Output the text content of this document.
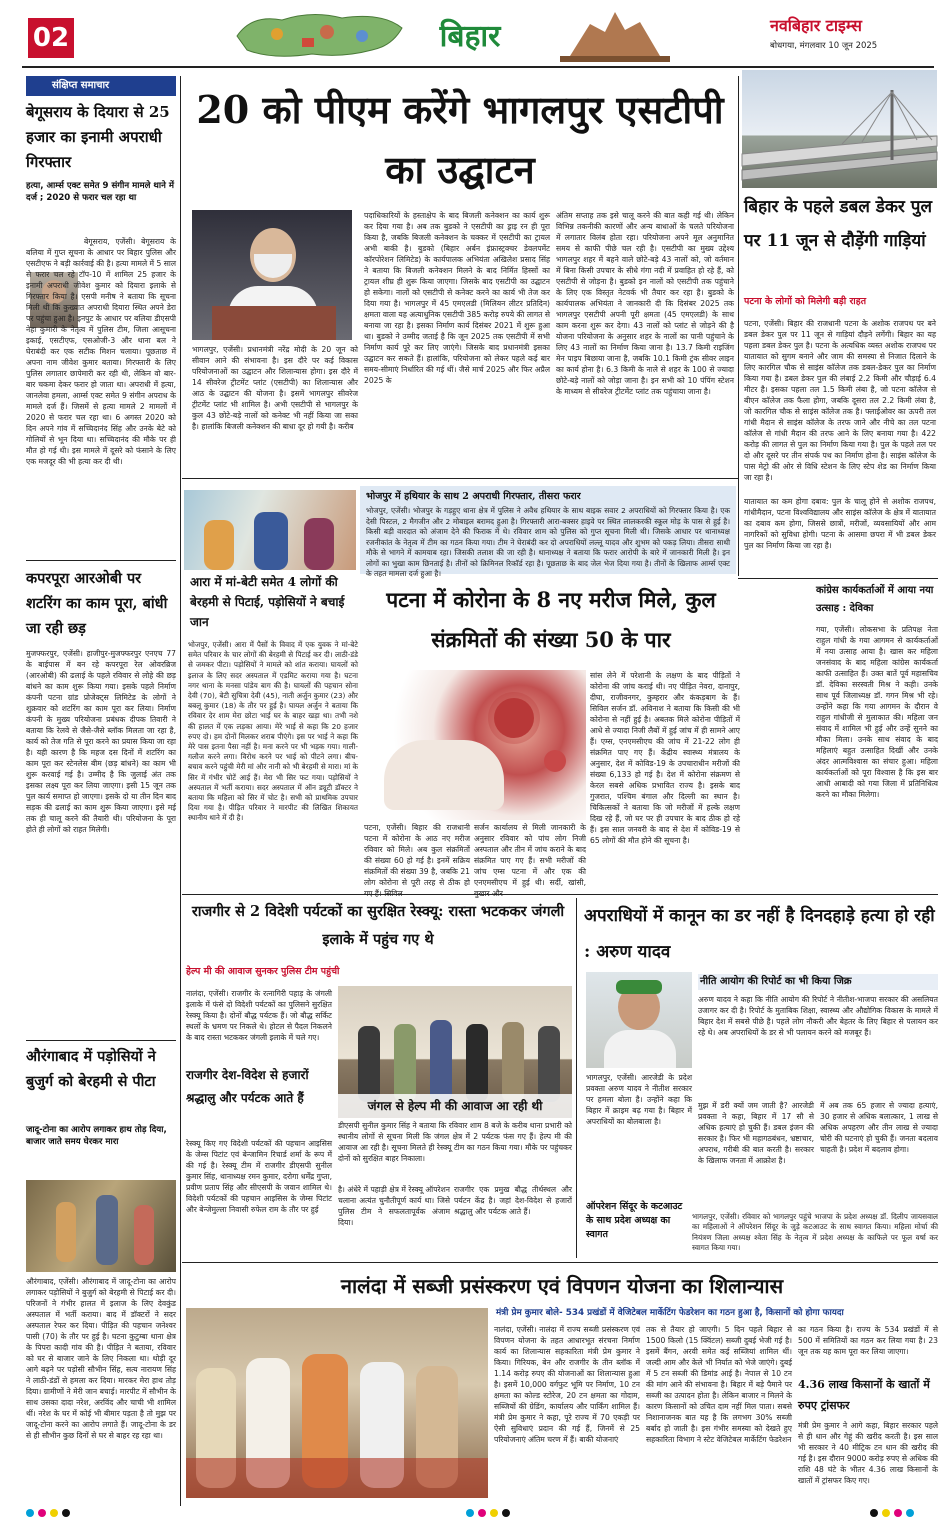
02	बिहार	नवबिहार टाइम्स
बोधगया, मंगलवार 10 जून 2025
संक्षिप्त समाचार
बेगूसराय के दियारा से 25 हजार का इनामी अपराधी गिरफ्तार
हत्या, आर्म्स एक्ट समेत 9 संगीन मामले थाने में दर्ज ; 2020 से फरार चल रहा था
बेगूसराय, एजेंसी। बेगूसराय के बलिया में गुप्त सूचना के आधार पर बिहार पुलिस और एसटीएफ ने बड़ी कार्रवाई की है। हत्या मामले में 5 साल से फरार चल रहे टॉप-10 में शामिल 25 हजार के इनामी अपराधी जीवेश कुमार को दियारा इलाके से गिरफ्तार किया है। एसपी मनीष ने बताया कि सूचना मिली थी कि कुख्यात अपराधी दियारा स्थित अपने डेरा पर पहुंचा हुआ है। इनपुट के आधार पर बलिया डीएसपी नेहा कुमारी के नेतृत्व में पुलिस टीम, जिला आसूचना इकाई, एसटीएफ, एसओजी-3 और थाना बल ने घेराबंदी कर एक सटीक मिशन चलाया। पूछताछ में अपना नाम जीवेश कुमार बताया। गिरफ्तारी के लिए पुलिस लगातार छापेमारी कर रही थी, लेकिन वो बार-बार चकमा देकर फरार हो जाता था। अपराधी में हत्या, जानलेवा हमला, आर्म्स एक्ट समेत 9 संगीन अपराध के मामले दर्ज हैं। जिसमें से हत्या मामले 2 मामलों में 2020 से फरार चल रहा था। 6 अगस्त 2020 को दिन अपने गांव में सच्चिदानंद सिंह और उनके बेटे को गोलियों से भून दिया था। सच्चिदानंद की मौके पर ही मौत हो गई थी। इस मामले में दूसरे को फंसाने के लिए एक मजदूर की भी हत्या कर दी थी।
कपरपूरा आरओबी पर शटरिंग का काम पूरा, बांधी जा रही छड़
मुजफ्फरपुर, एजेंसी। हाजीपुर-मुजफ्फरपुर एनएच 77 के बाईपास में बन रहे कपरपूरा रेल ओवरब्रिज (आरओबी) की ढलाई के पहले रविवार से लोहे की छड़ बांधने का काम शुरू किया गया। इसके पहले निर्माण कंपनी पटना ग्रांड प्रोजेक्ट्स लिमिटेड के लोगों ने शुक्रवार को शटरिंग का काम पूरा कर लिया। निर्माण कंपनी के मुख्य परियोजना प्रबंधक दीपक तिवारी ने बताया कि रेलवे से जैसे-जैसे ब्लॉक मिलता जा रहा है, कार्य को तेज गति से पूरा करने का प्रयास किया जा रहा है। यही कारण है कि महज दस दिनों में शटरिंग का काम पूरा कर स्टेनलेस बीम (छड़ बांधने) का काम भी शुरू करवाई गई है। उम्मीद है कि जुलाई अंत तक इसका लक्ष्य पूरा कर लिया जाएगा। इसी 15 जून तक पुल कार्य समाप्त हो जाएगा। इसके दो या तीन दिन बाद सड़क की ढलाई का काम शुरू किया जाएगा। इसे मई तक ही चालू करने की तैयारी थी। परियोजना के पूरा होते ही लोगों को राहत मिलेगी।
औरंगाबाद में पड़ोसियों ने बुजुर्ग को बेरहमी से पीटा
जादू-टोना का आरोप लगाकर हाथ तोड़ दिया, बाजार जाते समय घेरकर मारा
औरंगाबाद, एजेंसी। औरंगाबाद में जादू-टोना का आरोप लगाकर पड़ोसियों ने बुजुर्ग को बेरहमी से पिटाई कर दी। परिजनों ने गंभीर हालत में इलाज के लिए देवकुंड अस्पताल में भर्ती कराया। बाद में डॉक्टरों ने सदर अस्पताल रेफर कर दिया। पीड़ित की पहचान जनेश्वर पासी (70) के तौर पर हुई है। घटना कुटुम्बा थाना क्षेत्र के पिपरा कादी गांव की है। पीड़ित ने बताया, रविवार को घर से बाजार जाने के लिए निकला था। थोड़ी दूर आगे बढ़ने पर पड़ोसी सौभीन सिंह, सत्य नारायण सिंह ने लाठी-डंडों से हमला कर दिया। मारकर मेरा हाथ तोड़ दिया। ग्रामीणों ने मेरी जान बचाई। मारपीट में सौभीन के साथ उसका दादा नरेश, अरविंद और चाची भी शामिल थीं। नरेश के घर में कोई भी बीमार पड़ता है तो मुझ पर जादू-टोना करने का आरोप लगाते हैं। जादू-टोना के डर से ही सौभीन कुछ दिनों से घर से बाहर रह रहा था।
20 को पीएम करेंगे भागलपुर एसटीपी का उद्घाटन
भागलपुर, एजेंसी। प्रधानमंत्री नरेंद्र मोदी के 20 जून को सीवान आने की संभावना है। इस दौरे पर कई विकास परियोजनाओं का उद्घाटन और शिलान्यास होगा। इस दौरे में 14 सीवरेज ट्रीटमेंट प्लांट (एसटीपी) का शिलान्यास और आठ के उद्घाटन की योजना है। इसमें भागलपुर सीवरेज ट्रीटमेंट प्लांट भी शामिल है। अभी एसटीपी से भागलपुर के कुल 43 छोटे-बड़े नालों को कनेक्ट भी नहीं किया जा सका है। हालांकि बिजली कनेक्शन की बाधा दूर हो गयी है। करीब
पदाधिकारियों के हस्ताक्षेप के बाद बिजली कनेक्शन का कार्य शुरू कर दिया गया है। अब तक बुडको ने एसटीपी का ड्राइ रन ही पूरा किया है, जबकि बिजली कनेक्शन के चक्कर में एसटीपी का ट्रायल अभी बाकी है। बुडको (बिहार अर्बन इंफ्रास्ट्रक्चर डेवलपमेंट कॉरपोरेशन लिमिटेड) के कार्यपालक अभियंता अखिलेश प्रसाद सिंह ने बताया कि बिजली कनेक्शन मिलने के बाद निर्मित हिस्सों का ट्रायल शीघ्र ही शुरू किया जाएगा। जिसके बाद एसटीपी का उद्घाटन हो सकेगा। नालों को एसटीपी से कनेक्ट करने का कार्य भी तेज कर दिया गया है। भागलपुर में 45 एमएलडी (मिलियन लीटर प्रतिदिन) क्षमता वाला यह अत्याधुनिक एसटीपी 385 करोड़ रुपये की लागत से बनाया जा रहा है। इसका निर्माण कार्य दिसंबर 2021 में शुरू हुआ था। बुडको ने उम्मीद जताई है कि जून 2025 तक एसटीपी में सभी निर्माण कार्य पूरे कर लिए जाएंगे। जिसके बाद प्रधानमंत्री इसका उद्घाटन कर सकते हैं। हालांकि, परियोजना को लेकर पहले कई बार समय-सीमाएं निर्धारित की गई थीं। जैसे मार्च 2025 और फिर अप्रैल 2025 के
अंतिम सप्ताह तक इसे चालू करने की बात कही गई थी। लेकिन विभिन्न तकनीकी कारणों और अन्य बाधाओं के चलते परियोजना में लगातार विलंब होता रहा। परियोजना अपने मूल अनुमानित समय से काफी पीछे चल रही है। एसटीपी का मुख्य उद्देश्य भागलपुर शहर में बहने वाले छोटे-बड़े 43 नालों को, जो वर्तमान में बिना किसी उपचार के सीधे गंगा नदी में प्रवाहित हो रहे हैं, को एसटीपी से जोड़ना है। बुडको इन नालों को एसटीपी तक पहुंचाने के लिए एक विस्तृत नेटवर्क भी तैयार कर रहा है। बुडको के कार्यपालक अभियंता ने जानकारी दी कि दिसंबर 2025 तक भागलपुर एसटीपी अपनी पूरी क्षमता (45 एमएलडी) के साथ काम करना शुरू कर देगा। 43 नालों को प्लांट से जोड़ने की है योजना परियोजना के अनुसार शहर के नालों का पानी पहुंचाने के लिए 43 नालों का निर्माण किया जाना है। 13.7 किमी राइजिंग मेन पाइप बिछाया जाना है, जबकि 10.1 किमी ट्रंक सीवर लाइन का कार्य होना है। 6.3 किमी के नाले से शहर के 100 से ज्यादा छोटे-बड़े नालों को जोड़ा जाना है। इन सभी को 10 पंपिंग स्टेशन के माध्यम से सीवरेज ट्रीटमेंट प्लांट तक पहुंचाया जाना है।
बिहार के पहले डबल डेकर पुल पर 11 जून से दौड़ेंगी गाड़ियां
पटना के लोगों को मिलेगी बड़ी राहत
पटना, एजेंसी। बिहार की राजधानी पटना के अशोक राजपथ पर बने डबल डेकर पुल पर 11 जून से गाड़ियां दौड़ने लगेंगी। बिहार का यह पहला डबल डेकर पुल है। पटना के अत्यधिक व्यस्त अशोक राजपथ पर यातायात को सुगम बनाने और जाम की समस्या से निजात दिलाने के लिए कारगिल चौक से साइंस कॉलेज तक डबल-डेकर पुल का निर्माण किया गया है। डबल डेकर पुल की लंबाई 2.2 किमी और चौड़ाई 6.4 मीटर है। इसका पहला तल 1.5 किमी लंबा है, जो पटना कॉलेज से बीएन कॉलेज तक फैला होगा, जबकि दूसरा तल 2.2 किमी लंबा है, जो कारगिल चौक से साइंस कॉलेज तक है। फ्लाईओवर का ऊपरी तल गांधी मैदान से साइंस कॉलेज के तरफ जाने और नीचे का तल पटना कॉलेज से गांधी मैदान की तरफ आने के लिए बनाया गया है। 422 करोड़ की लागत से पुल का निर्माण किया गया है। पुल के पहले तल पर दो और दूसरे पर तीन संपर्क पथ का निर्माण होना है। साइंस कॉलेज के पास मेट्रो की ओर से विधि स्टेशन के लिए स्टेप शेड का निर्माण किया जा रहा है।
यातायात का कम होगा दबाव: पुल के चालू होने से अशोक राजपथ, गांधीमैदान, पटना विश्वविद्यालय और साइंस कॉलेज के क्षेत्र में यातायात का दबाव कम होगा, जिससे छात्रों, मरीजों, व्यवसायियों और आम नागरिकों को सुविधा होगी। पटना के आसमा छपरा में भी डबल डेकर पुल का निर्माण किया जा रहा है।
भोजपुर में हथियार के साथ 2 अपराधी गिरफ्तार, तीसरा फरार
भोजपुर, एजेंसी। भोजपुर के गड़हुए थाना क्षेत्र में पुलिस ने अवैध हथियार के साथ बाइक सवार 2 अपराधियों को गिरफ्तार किया है। एक देसी पिस्टल, 2 मैगजीन और 2 मोबाइल बरामद हुआ है। गिरफ्तारी आरा-बक्सर हाइवे पर स्थित लालकरकी स्कूल मोड़ के पास से हुई है। किसी बड़ी वारदात को अंजाम देने की फिराक में थे। रविवार शाम को पुलिस को गुप्त सूचना मिली थी। जिसके आधार पर थानाध्यक्ष रजनीकांत के नेतृत्व में टीम का गठन किया गया। टीम ने घेराबंदी कर दो अपराधियों लल्लू यादव और शुभम को पकड़ लिया। तीसरा साथी मौके से भागने में कामयाब रहा। जिसकी तलाश की जा रही है। थानाध्यक्ष ने बताया कि फरार आरोपी के बारे में जानकारी मिली है। इन लोगों का भुखा काम छिनताई है। तीनों को क्रिमिनल रिकॉर्ड रहा है। पूछताछ के बाद जेल भेज दिया गया है। तीनों के खिलाफ आर्म्स एक्ट के तहत मामला दर्ज हुआ है।
आरा में मां-बेटी समेत 4 लोगों की बेरहमी से पिटाई, पड़ोसियों ने बचाई जान
भोजपुर, एजेंसी। आरा में पैसों के विवाद में एक युवक ने मां-बेटे समेत परिवार के चार लोगों की बेरहमी से पिटाई कर दी। लाठी-डंडे से जमकर पीटा। पड़ोसियों ने मामले को शांत कराया। घायलों को इलाज के लिए सदर अस्पताल में एडमिट कराया गया है। घटना नगर थाना के मनसा पांडेय बाग की है। घायलों की पहचान सोना देवी (70), बेटी सुचित्रा देवी (45), नाती अर्जुन कुमार (23) और बबलू कुमार (18) के तौर पर हुई है। घायल अर्जुन ने बताया कि रविवार देर शाम मेरा छोटा भाई घर के बाहर खड़ा था। तभी नशे की हालत में एक लड़का आया। मेरे भाई से कहा कि 20 हजार रुपए दो। हम दोनों मिलकर शराब पीएंगे। इस पर भाई ने कहा कि मेरे पास इतना पैसा नहीं है। मना करने पर भी भड़क गया। गाली-गलौज करने लगा। विरोध करने पर भाई को पीटने लगा। बीच-बचाव करने पहुंची मेरी मां और नानी को भी बेरहमी से मारा। मां के सिर में गंभीर चोटें आई हैं। मेरा भी सिर फट गया। पड़ोसियों ने अस्पताल में भर्ती कराया। सदर अस्पताल में ऑन ड्यूटी डॉक्टर ने बताया कि महिला को सिर में चोट है। सभी को प्राथमिक उपचार दिया गया है। पीड़ित परिवार ने मारपीट की लिखित शिकायत स्थानीय थाने में दी है।
पटना में कोरोना के 8 नए मरीज मिले, कुल संक्रमितों की संख्या 50 के पार
पटना, एजेंसी। बिहार की राजधानी पटना में कोरोना के आठ नए मरीज रविवार को मिले। अब कुल संक्रमितों की संख्या 60 हो गई है। इनमें सक्रिय संक्रमितों की संख्या 39 है, जबकि 21 लोग कोरोना से पूरी तरह से ठीक हो
सर्जन कार्यालय से मिली जानकारी के अनुसार रविवार को पांच लोग निजी अस्पताल और तीन में जांच कराने के बाद संक्रमित पाए गए हैं। सभी मरीजों की जांच एम्स पटना में और एक की एनएमसीएच में हुई थी। सर्दी, खांसी,
सांस लेने में परेशानी के लक्षण के बाद पीड़ितों ने कोरोना की जांच कराई थी। नए पीड़ित नेवरा, दानापुर, दीघा, राजीवनगर, कुम्हरार और कंकड़बाग के हैं। सिविल सर्जन डॉ. अविनाश ने बताया कि किसी की भी कोरोना से नहीं हुई है। अबतक मिले कोरोना पीड़ितों में आधे से ज्यादा निजी लैबों में हुई जांच में ही सामने आए हैं। एम्स, एनएमसीएच की जांच में 21-22 लोग ही संक्रमित पाए गए हैं। केंद्रीय स्वास्थ्य मंत्रालय के अनुसार, देश में कोविड-19 के उपचाराधीन मरीजों की संख्या 6,133 हो गई है। देश में कोरोना संक्रमण से केरल सबसे अधिक प्रभावित राज्य है। इसके बाद गुजरात, पश्चिम बंगाल और दिल्ली का स्थान है। चिकित्सकों ने बताया कि जो मरीजों में हल्के लक्षण दिख रहे हैं, जो घर पर ही उपचार के बाद ठीक हो रहे हैं। इस साल जनवरी के बाद से देश में कोविड-19 से 65 लोगों की मौत होने की सूचना है।
कांग्रेस कार्यकर्ताओं में आया नया उत्साह : देविका
गया, एजेंसी। लोकसभा के प्रतिपक्ष नेता राहुल गांधी के गया आगमन से कार्यकर्ताओं में नया उत्साह आया है। खास कर महिला जनसंवाद के बाद महिला कांग्रेस कार्यकर्ता काफी उत्साहित हैं। उक्त बातें पूर्व महासचिव डॉ. देविका सरस्वती मिश्र ने कही। उनके साथ पूर्व जिलाध्यक्ष डॉ. गगन मिश्र भी रहे। उन्होंने कहा कि गया आगमन के दौरान वे राहुल गांधीजी से मुलाकात की। महिला जन संवाद में शामिल भी हुई और उन्हें सुनने का मौका मिला। उनके साथ संवाद के बाद महिलाएं बहुत उत्साहित दिखीं और उनके अंदर आत्मविश्वास का संचार हुआ। महिला कार्यकर्ताओं को पूरा विश्वास है कि इस बार आधी आबादी को गया जिला में प्रतिनिधित्व करने का मौका मिलेगा।
राजगीर से 2 विदेशी पर्यटकों का सुरक्षित रेस्क्यू: रास्ता भटककर जंगली इलाके में पहुंच गए थे
हेल्प मी की आवाज सुनकर पुलिस टीम पहुंची
नालंदा, एजेंसी। राजगीर के रत्नागिरी पहाड़ के जंगली इलाके में फंसे दो विदेशी पर्यटकों का पुलिसने सुरक्षित रेस्क्यू किया है। दोनों बौद्ध पर्यटक हैं। जो बौद्ध सर्किट स्थलों के भ्रमण पर निकले थे। होटल से पैदल निकलने के बाद रास्ता भटककर जंगली इलाके में चले गए।
राजगीर देश-विदेश से हजारों श्रद्धालु और पर्यटक आते हैं
रेस्क्यू किए गए विदेशी पर्यटकों की पहचान आइसिस के जेम्स पिटांट एवं बेन्जामिन रिचार्ड शर्मा के रूप में की गई है। रेस्क्यू टीम में राजगीर डीएसपी सुनील कुमार सिंह, थानाध्यक्ष रमन कुमार, दरोगा धर्मेंद्र गुप्ता, प्रवीण प्रताप सिंह और सीएसपी के जवान शामिल थे। विदेशी पर्यटकों की पहचान आइसिस के जेम्स पिटांट और बेन्जेमुल्ला निवासी रुफेल राम के तौर पर हुई
जंगल से हेल्प मी की आवाज आ रही थी
डीएसपी सुनील कुमार सिंह ने बताया कि रविवार शाम 8 बजे के करीब थाना प्रभारी को स्थानीय लोगों से सूचना मिली कि जंगल क्षेत्र में 2 पर्यटक फंस गए हैं। हेल्प मी की आवाज आ रही है। सूचना मिलते ही रेस्क्यू टीम का गठन किया गया। मौके पर पहुंचकर दोनों को सुरक्षित बाहर निकाला।
है। अंधेरे में पहाड़ी क्षेत्र में रेस्क्यू ऑपरेशन चलाना अत्यंत चुनौतीपूर्ण कार्य था। जिसे पुलिस टीम ने सफलतापूर्वक अंजाम दिया।
राजगीर एक प्रमुख बौद्ध तीर्थस्थल और पर्यटन केंद्र है। जहां देश-विदेश से हजारों श्रद्धालु और पर्यटक आते हैं।
अपराधियों में कानून का डर नहीं है दिनदहाड़े हत्या हो रही : अरुण यादव
भागलपुर, एजेंसी। आरजेडी के प्रदेश प्रवक्ता अरुण यादव ने नीतीश सरकार पर हमला बोला है। उन्होंने कहा कि बिहार में क्राइम बढ़ गया है। बिहार में अपराधियों का बोलबाला है।
नीति आयोग की रिपोर्ट का भी किया जिक्र
अरुण यादव ने कहा कि नीति आयोग की रिपोर्ट ने नीतीश-भाजपा सरकार की असलियत उजागर कर दी है। रिपोर्ट के मुताबिक शिक्षा, स्वास्थ्य और औद्योगिक विकास के मामले में बिहार देश में सबसे पीछे है। पहले लोग नौकरी और बेहतर के लिए बिहार से पलायन कर रहे थे। अब अपराधियों के डर से भी पलायन करने को मजबूर हैं।
मुझ में डरी क्यों जम जाती है? आरजेडी प्रवक्ता ने कहा, बिहार में 17 सौ से अधिक हत्याएं हो चुकी हैं। डबल इंजन की सरकार है। फिर भी महागठबंधन, भ्रष्टाचार, अपराध, गरीबी की बात करती है। सरकार के खिलाफ जनता में आक्रोश है।
में अब तक 65 हजार से ज्यादा हत्याएं, 30 हजार से अधिक बलात्कार, 1 लाख से अधिक अपहरण और तीन लाख से ज्यादा चोरी की घटनाएं हो चुकी हैं। जनता बदलाव चाहती है। प्रदेश में बदलाव होगा।
ऑपरेशन सिंदूर के कटआउट के साथ प्रदेश अध्यक्ष का स्वागत
भागलपुर, एजेंसी। रविवार को भागलपुर पहुंचे भाजपा के प्रदेश अध्यक्ष डॉ. दिलीप जायसवाल का महिलाओं ने ऑपरेशन सिंदूर के जुड़े कटआउट के साथ स्वागत किया। महिला मोर्चा की नियंत्रण जिला अध्यक्ष श्वेता सिंह के नेतृत्व में प्रदेश अध्यक्ष के काफिले पर फूल वर्षा कर स्वागत किया गया।
नालंदा में सब्जी प्रसंस्करण एवं विपणन योजना का शिलान्यास
मंत्री प्रेम कुमार बोले- 534 प्रखंडों में वेजिटेबल मार्केटिंग फेडरेशन का गठन हुआ है, किसानों को होगा फायदा
नालंदा, एजेंसी। नालंदा में राज्य सब्जी प्रसंस्करण एवं विपणन योजना के तहत आधारभूत संरचना निर्माण कार्य का शिलान्यास सहकारिता मंत्री प्रेम कुमार ने किया। गिरियक, बेन और राजगीर के तीन ब्लॉक में 1.14 करोड़ रुपए की योजनाओं का शिलान्यास हुआ है। इसमें 10,000 वर्गफुट भूमि पर निर्माण, 10 टन क्षमता का कोल्ड स्टोरेज, 20 टन क्षमता का गोदाम, सब्जियों की ग्रेडिंग, कार्यालय और पार्किंग शामिल हैं। मंत्री प्रेम कुमार ने कहा, पूरे राज्य में 70 एकड़ी पर ऐसी सुविधाएं प्रदान की गई हैं, जिनमें से 25 परियोजनाएं अंतिम चरण में हैं। बाकी योजनाएं
तक से तैयार हो जाएगी। 5 दिन पहले बिहार से 1500 किलो (15 क्विंटल) सब्जी दुबई भेजी गई है। इसमें बैंगन, अरवी समेत कई सब्जियां शामिल थीं। जल्दी आम और केले भी निर्यात को भेजे जाएंगे। दुबई में 5 टन सब्जी की डिमांड आई है। नेपाल से 10 टन की मांग आने की संभावना है। बिहार में बड़े पैमाने पर सब्जी का उत्पादन होता है। लेकिन बाजार न मिलने के कारण किसानों को उचित दाम नहीं मिल पाता। सबसे निशानाजनक बात यह है कि लगभग 30% सब्जी बर्बाद हो जाती है। इस गंभीर समस्या को देखते हुए सहकारिता विभाग ने स्टेट वेजिटेबल मार्केटिंग फेडरेशन
का गठन किया है। राज्य के 534 प्रखंडों में से 500 में समितियों का गठन कर लिया गया है। 23 जून तक यह काम पूरा कर लिया जाएगा।
4.36 लाख किसानों के खातों में रुपए ट्रांसफर
मंत्री प्रेम कुमार ने आगे कहा, बिहार सरकार पहले से ही धान और गेहूं की खरीद करती है। इस साल भी सरकार ने 40 मीट्रिक टन धान की खरीद की गई है। इस दौरान 9000 करोड़ रुपए से अधिक की राशि 48 घंटे के भीतर 4.36 लाख किसानों के खातों में ट्रांसफर किए गए।
